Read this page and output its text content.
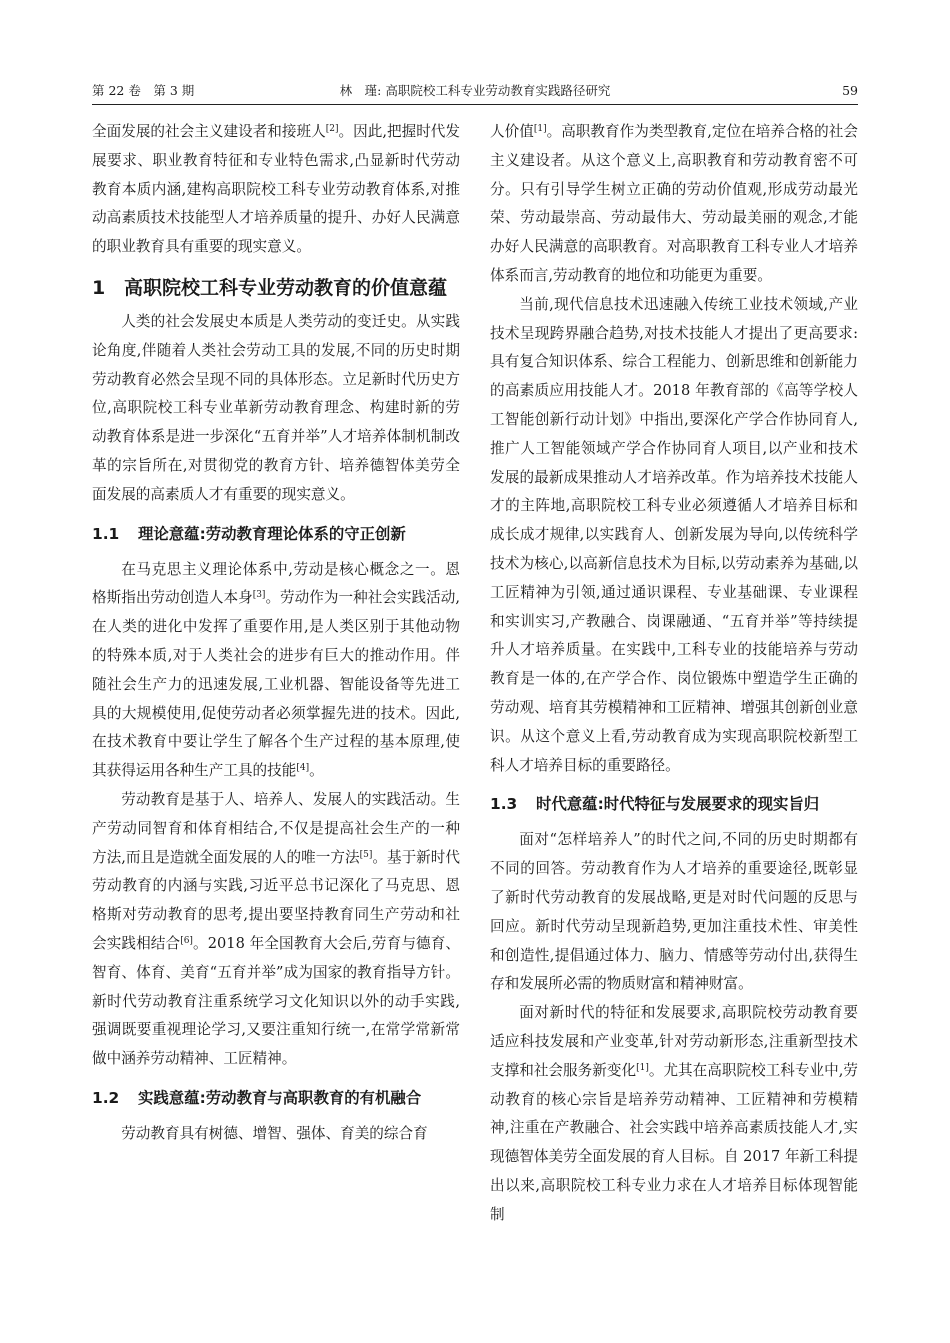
第 22 卷　第 3 期	林　瑾: 高职院校工科专业劳动教育实践路径研究	59

全面发展的社会主义建设者和接班人[2]。因此,把握时代发展要求、职业教育特征和专业特色需求,凸显新时代劳动教育本质内涵,建构高职院校工科专业劳动教育体系,对推动高素质技术技能型人才培养质量的提升、办好人民满意的职业教育具有重要的现实意义。

1 高职院校工科专业劳动教育的价值意蕴

人类的社会发展史本质是人类劳动的变迁史。从实践论角度,伴随着人类社会劳动工具的发展,不同的历史时期劳动教育必然会呈现不同的具体形态。立足新时代历史方位,高职院校工科专业革新劳动教育理念、构建时新的劳动教育体系是进一步深化“五育并举”人才培养体制机制改革的宗旨所在,对贯彻党的教育方针、培养德智体美劳全面发展的高素质人才有重要的现实意义。

1.1	理论意蕴:劳动教育理论体系的守正创新

在马克思主义理论体系中,劳动是核心概念之一。恩格斯指出劳动创造人本身[3]。劳动作为一种社会实践活动,在人类的进化中发挥了重要作用,是人类区别于其他动物的特殊本质,对于人类社会的进步有巨大的推动作用。伴随社会生产力的迅速发展,工业机器、智能设备等先进工具的大规模使用,促使劳动者必须掌握先进的技术。因此,在技术教育中要让学生了解各个生产过程的基本原理,使其获得运用各种生产工具的技能[4]。

劳动教育是基于人、培养人、发展人的实践活动。生产劳动同智育和体育相结合,不仅是提高社会生产的一种方法,而且是造就全面发展的人的唯一方法[5]。基于新时代劳动教育的内涵与实践,习近平总书记深化了马克思、恩格斯对劳动教育的思考,提出要坚持教育同生产劳动和社会实践相结合[6]。2018 年全国教育大会后,劳育与德育、智育、体育、美育“五育并举”成为国家的教育指导方针。新时代劳动教育注重系统学习文化知识以外的动手实践,强调既要重视理论学习,又要注重知行统一,在常学常新常做中涵养劳动精神、工匠精神。

1.2	实践意蕴:劳动教育与高职教育的有机融合

劳动教育具有树德、增智、强体、育美的综合育

人价值[1]。高职教育作为类型教育,定位在培养合格的社会主义建设者。从这个意义上,高职教育和劳动教育密不可分。只有引导学生树立正确的劳动价值观,形成劳动最光荣、劳动最崇高、劳动最伟大、劳动最美丽的观念,才能办好人民满意的高职教育。对高职教育工科专业人才培养体系而言,劳动教育的地位和功能更为重要。

当前,现代信息技术迅速融入传统工业技术领域,产业技术呈现跨界融合趋势,对技术技能人才提出了更高要求:具有复合知识体系、综合工程能力、创新思维和创新能力的高素质应用技能人才。2018 年教育部的《高等学校人工智能创新行动计划》中指出,要深化产学合作协同育人,推广人工智能领域产学合作协同育人项目,以产业和技术发展的最新成果推动人才培养改革。作为培养技术技能人才的主阵地,高职院校工科专业必须遵循人才培养目标和成长成才规律,以实践育人、创新发展为导向,以传统科学技术为核心,以高新信息技术为目标,以劳动素养为基础,以工匠精神为引领,通过通识课程、专业基础课、专业课程和实训实习,产教融合、岗课融通、“五育并举”等持续提升人才培养质量。在实践中,工科专业的技能培养与劳动教育是一体的,在产学合作、岗位锻炼中塑造学生正确的劳动观、培育其劳模精神和工匠精神、增强其创新创业意识。从这个意义上看,劳动教育成为实现高职院校新型工科人才培养目标的重要路径。

1.3	时代意蕴:时代特征与发展要求的现实旨归

面对“怎样培养人”的时代之问,不同的历史时期都有不同的回答。劳动教育作为人才培养的重要途径,既彰显了新时代劳动教育的发展战略,更是对时代问题的反思与回应。新时代劳动呈现新趋势,更加注重技术性、审美性和创造性,提倡通过体力、脑力、情感等劳动付出,获得生存和发展所必需的物质财富和精神财富。

面对新时代的特征和发展要求,高职院校劳动教育要适应科技发展和产业变革,针对劳动新形态,注重新型技术支撑和社会服务新变化[1]。尤其在高职院校工科专业中,劳动教育的核心宗旨是培养劳动精神、工匠精神和劳模精神,注重在产教融合、社会实践中培养高素质技能人才,实现德智体美劳全面发展的育人目标。自 2017 年新工科提出以来,高职院校工科专业力求在人才培养目标体现智能制
